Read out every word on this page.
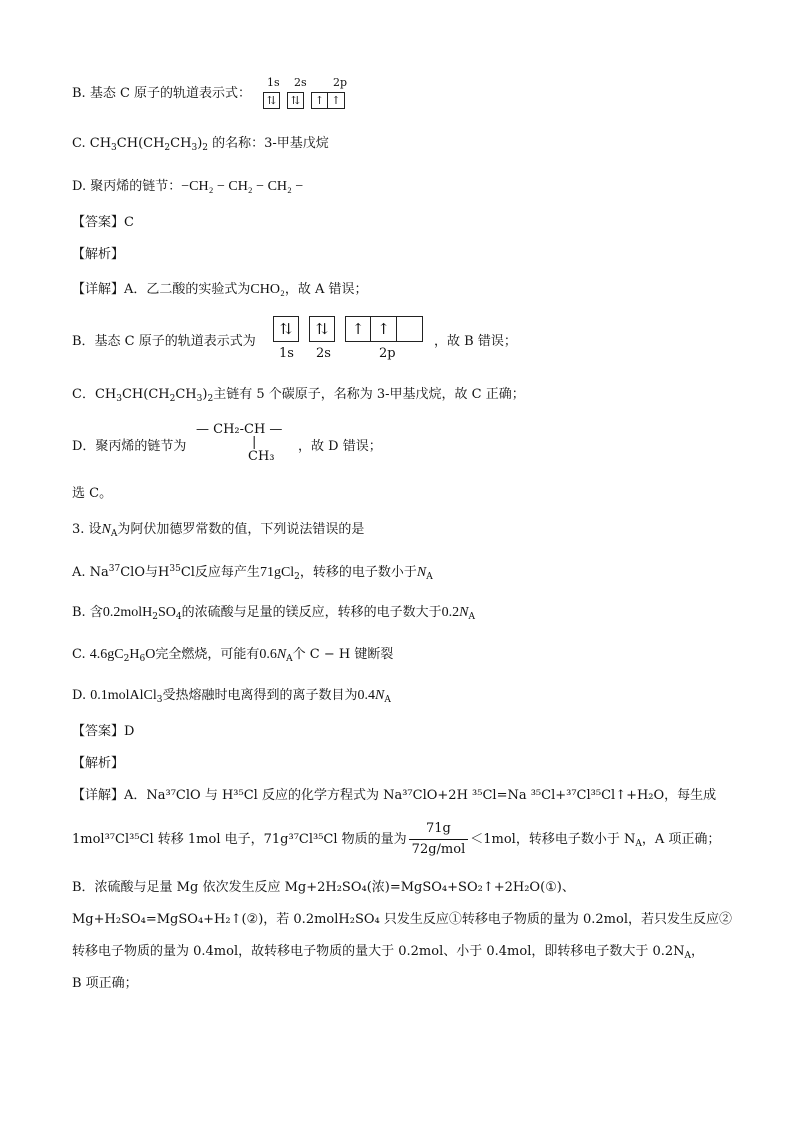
B. 基态 C 原子的轨道表示式：
1s 2s 2p
⇅	⇅	↑ ↑
C. $CH_3CH(CH_2CH_3)_2$ 的名称：3-甲基戊烷
D. 聚丙烯的链节：−CH₂ − CH₂ − CH₂ −
【答案】C
【解析】
【详解】A．乙二酸的实验式为CHO₂，故 A 错误；
B．基态 C 原子的轨道表示式为
⇅	⇅	↑ ↑
1s 2s	2p
，故 B 错误；
C．$CH_3CH(CH_2CH_3)_2$主链有 5 个碳原子，名称为 3-甲基戊烷，故 C 正确；
D．聚丙烯的链节为
— CH₂-CH —
|
CH₃
，故 D 错误；
选 C。
3. 设$N_A$为阿伏加德罗常数的值，下列说法错误的是
A. Na$^{37}$ClO与$H^{35}Cl$反应每产生71gCl$_2$，转移的电子数小于$N_A$
B. 含$0.2molH_2SO_4$的浓硫酸与足量的镁反应，转移的电子数大于$0.2N_A$
C. $4.6gC_2H_6O$完全燃烧，可能有$0.6N_A$个 C − H 键断裂
D. 0.1molAlCl$_3$受热熔融时电离得到的离子数目为$0.4N_A$
【答案】D
【解析】
【详解】A．Na³⁷ClO 与 H³⁵Cl 反应的化学方程式为 Na³⁷ClO+2H ³⁵Cl=Na ³⁵Cl+³⁷Cl³⁵Cl↑+H₂O，每生成
1mol³⁷Cl³⁵Cl 转移 1mol 电子，71g³⁷Cl³⁵Cl 物质的量为 $\frac{71g}{\text{72g/mol}} <1mol$，转移电子数小于 $N_A$，A 项正确；
B．浓硫酸与足量 Mg 依次发生反应 Mg+2H₂SO₄(浓)=MgSO₄+SO₂↑+2H₂O(①)、
Mg+H₂SO₄=MgSO₄+H₂↑(②)，若 0.2molH₂SO₄ 只发生反应①转移电子物质的量为 0.2mol，若只发生反应②
转移电子物质的量为 0.4mol，故转移电子物质的量大于 0.2mol、小于 0.4mol，即转移电子数大于 $0.2N_A$，
B 项正确；
